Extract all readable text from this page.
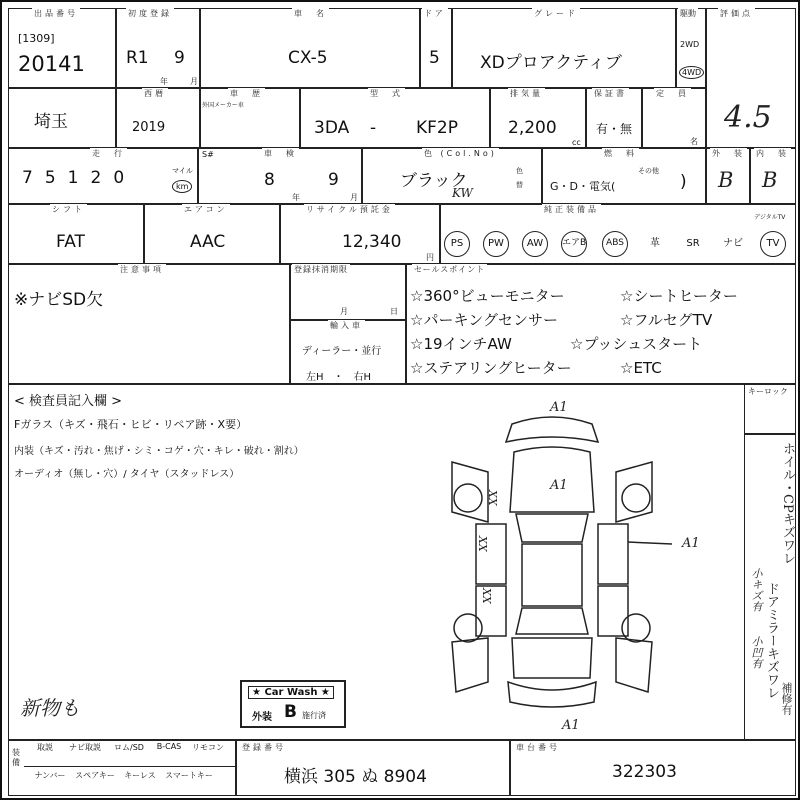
出品番号
[1309]
20141
初度登録
R1 9
年	月
車　名
CX-5
ドア
5
グレード
XDプロアクティブ
駆動
2WD
4WD
評価点
4.5
埼玉
西暦
2019
車　歴
外国メーカー車
型　式
3DA - KF2P
排気量
2,200
cc
保証書
有・無
定　員
名
走　行	S#
7 5 1 2 0	マイル
km
車　検
8	9
年	月
色 (Col.No)
ブラック
KW
色替
燃　料
G・D・電気(
その他
)
外　装
B
内　装
B
シフト
FAT
エアコン
AAC
リサイクル預託金
12,340
円
純正装備品
デジタルTV
PS	PW	AW	エアB	ABS	革	SR	ナビ	TV
注意事項
※ナビSD欠
登録抹消期限
月	日
輸入車
ディーラー・並行
左H　・　右H
セールスポイント
☆360°ビューモニター	☆シートヒーター
☆パーキングセンサー	☆フルセグTV
☆19インチAW	☆プッシュスタート
☆ステアリングヒーター	☆ETC
< 検査員記入欄 >
Fガラス（キズ・飛石・ヒビ・リペア跡・X要）
内装（キズ・汚れ・焦げ・シミ・コゲ・穴・キレ・破れ・割れ）
オーディオ（無し・穴）/ タイヤ（スタッドレス）
新物も
キーロック
ホイル・CPキズワレ
ドアミラーキズワレ
小キズ有
小凹有
補修有
A1
A1
A1
A1
XX
XX
XX
★ Car Wash ★
外装 B 施行済
装備
取説	ナビ取説	ロム/SD	B-CAS	リモコン
ナンバー	スペアキー	キーレス	スマートキー
登録番号
横浜 305 ぬ 8904
車台番号
322303
